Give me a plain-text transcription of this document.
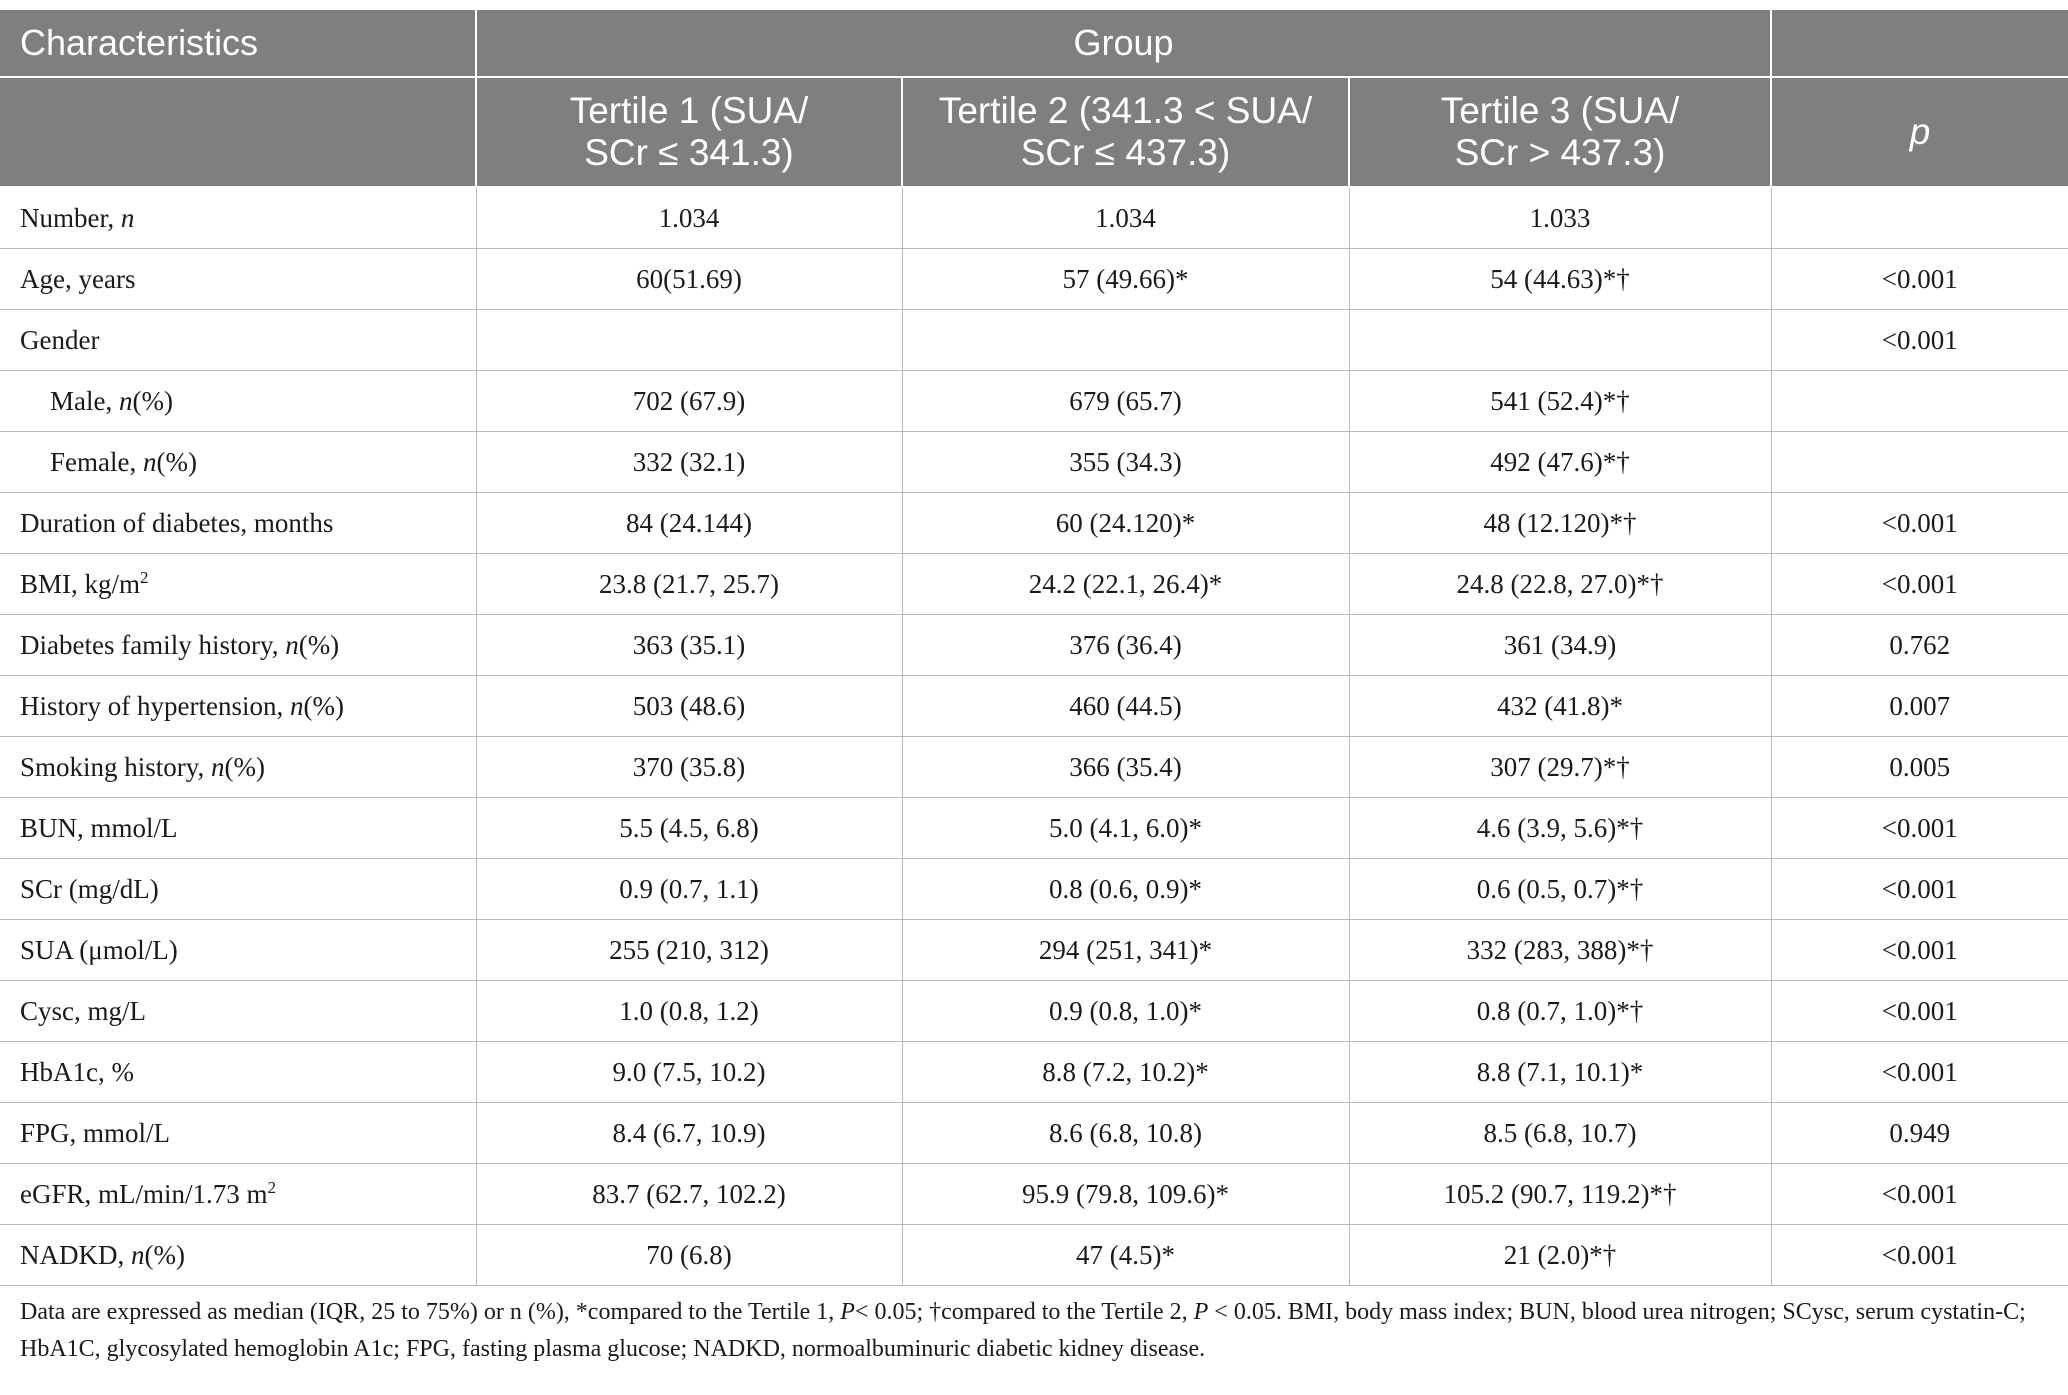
Characteristics	Group			
	Tertile 1 (SUA/ SCr ≤ 341.3)	Tertile 2 (341.3 < SUA/ SCr ≤ 437.3)	Tertile 3 (SUA/ SCr > 437.3)	p
Number, n	1.034	1.034	1.033	
Age, years	60(51.69)	57 (49.66)*	54 (44.63)*†	<0.001
Gender				<0.001
Male, n(%)	702 (67.9)	679 (65.7)	541 (52.4)*†	
Female, n(%)	332 (32.1)	355 (34.3)	492 (47.6)*†	
Duration of diabetes, months	84 (24.144)	60 (24.120)*	48 (12.120)*†	<0.001
BMI, $kg/m^2$	23.8 (21.7, 25.7)	24.2 (22.1, 26.4)*	24.8 (22.8, 27.0)*†	<0.001
Diabetes family history, n(%)	363 (35.1)	376 (36.4)	361 (34.9)	0.762
History of hypertension, n(%)	503 (48.6)	460 (44.5)	432 (41.8)*	0.007
Smoking history, n(%)	370 (35.8)	366 (35.4)	307 (29.7)*†	0.005
BUN, mmol/L	5.5 (4.5, 6.8)	5.0 (4.1, 6.0)*	4.6 (3.9, 5.6)*†	<0.001
SCr (mg/dL)	0.9 (0.7, 1.1)	0.8 (0.6, 0.9)*	0.6 (0.5, 0.7)*†	<0.001
SUA (μmol/L)	255 (210, 312)	294 (251, 341)*	332 (283, 388)*†	<0.001
Cysc, mg/L	1.0 (0.8, 1.2)	0.9 (0.8, 1.0)*	0.8 (0.7, 1.0)*†	<0.001
HbA1c, %	9.0 (7.5, 10.2)	8.8 (7.2, 10.2)*	8.8 (7.1, 10.1)*	<0.001
FPG, mmol/L	8.4 (6.7, 10.9)	8.6 (6.8, 10.8)	8.5 (6.8, 10.7)	0.949
eGFR, mL/min/1.73 $m^2$	83.7 (62.7, 102.2)	95.9 (79.8, 109.6)*	105.2 (90.7, 119.2)*†	<0.001
NADKD, n(%)	70 (6.8)	47 (4.5)*	21 (2.0)*†	<0.001
Data are expressed as median (IQR, 25 to 75%) or n (%), *compared to the Tertile 1, P< 0.05; †compared to the Tertile 2, P < 0.05. BMI, body mass index; BUN, blood urea nitrogen; SCysc, serum cystatin-C; HbA1C, glycosylated hemoglobin A1c; FPG, fasting plasma glucose; NADKD, normoalbuminuric diabetic kidney disease.
